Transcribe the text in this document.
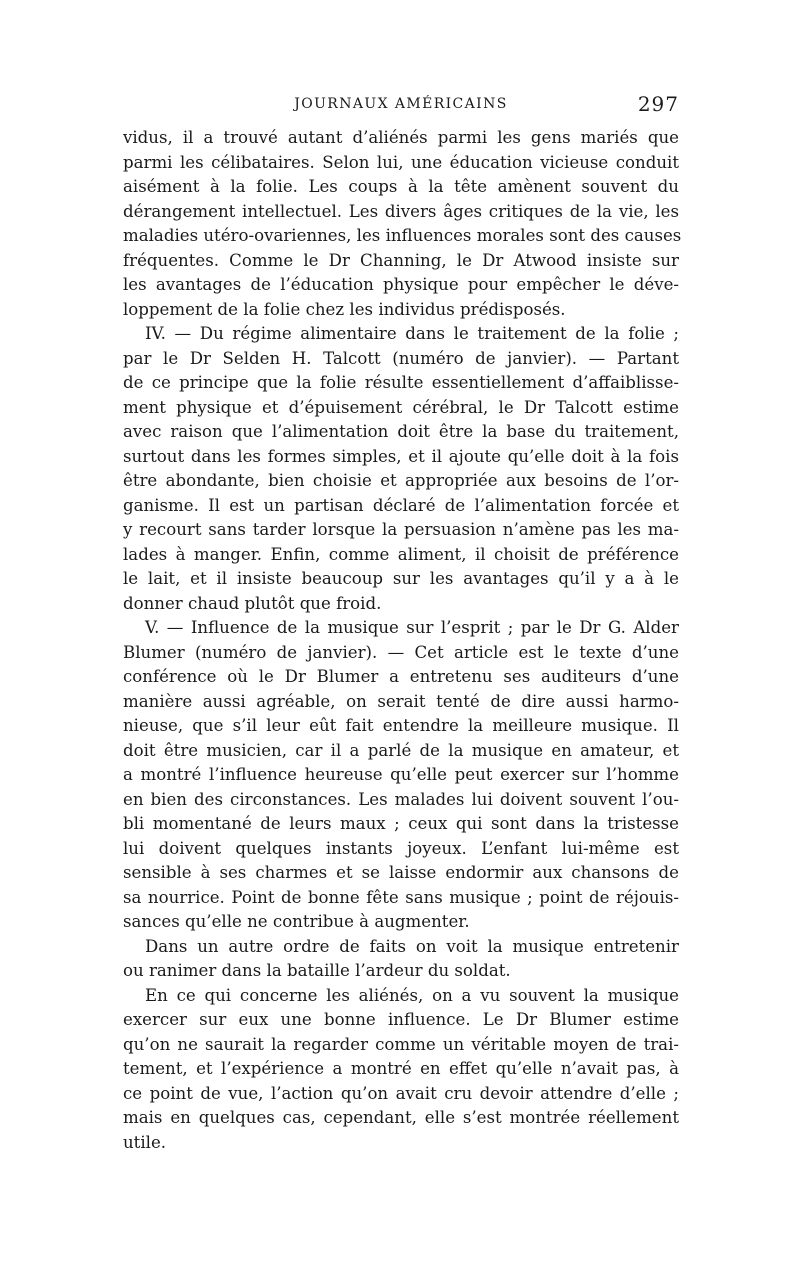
JOURNAUX AMÉRICAINS	297
vidus, il a trouvé autant d’aliénés parmi les gens mariés que
parmi les célibataires. Selon lui, une éducation vicieuse conduit
aisément à la folie. Les coups à la tête amènent souvent du
dérangement intellectuel. Les divers âges critiques de la vie, les
maladies utéro-ovariennes, les influences morales sont des causes
fréquentes. Comme le Dr Channing, le Dr Atwood insiste sur
les avantages de l’éducation physique pour empêcher le déve-
loppement de la folie chez les individus prédisposés.
IV. — Du régime alimentaire dans le traitement de la folie ;
par le Dr Selden H. Talcott (numéro de janvier). — Partant
de ce principe que la folie résulte essentiellement d’affaiblisse-
ment physique et d’épuisement cérébral, le Dr Talcott estime
avec raison que l’alimentation doit être la base du traitement,
surtout dans les formes simples, et il ajoute qu’elle doit à la fois
être abondante, bien choisie et appropriée aux besoins de l’or-
ganisme. Il est un partisan déclaré de l’alimentation forcée et
y recourt sans tarder lorsque la persuasion n’amène pas les ma-
lades à manger. Enfin, comme aliment, il choisit de préférence
le lait, et il insiste beaucoup sur les avantages qu’il y a à le
donner chaud plutôt que froid.
V. — Influence de la musique sur l’esprit ; par le Dr G. Alder
Blumer (numéro de janvier). — Cet article est le texte d’une
conférence où le Dr Blumer a entretenu ses auditeurs d’une
manière aussi agréable, on serait tenté de dire aussi harmo-
nieuse, que s’il leur eût fait entendre la meilleure musique. Il
doit être musicien, car il a parlé de la musique en amateur, et
a montré l’influence heureuse qu’elle peut exercer sur l’homme
en bien des circonstances. Les malades lui doivent souvent l’ou-
bli momentané de leurs maux ; ceux qui sont dans la tristesse
lui doivent quelques instants joyeux. L’enfant lui-même est
sensible à ses charmes et se laisse endormir aux chansons de
sa nourrice. Point de bonne fête sans musique ; point de réjouis-
sances qu’elle ne contribue à augmenter.
Dans un autre ordre de faits on voit la musique entretenir
ou ranimer dans la bataille l’ardeur du soldat.
En ce qui concerne les aliénés, on a vu souvent la musique
exercer sur eux une bonne influence. Le Dr Blumer estime
qu’on ne saurait la regarder comme un véritable moyen de trai-
tement, et l’expérience a montré en effet qu’elle n’avait pas, à
ce point de vue, l’action qu’on avait cru devoir attendre d’elle ;
mais en quelques cas, cependant, elle s’est montrée réellement
utile.
